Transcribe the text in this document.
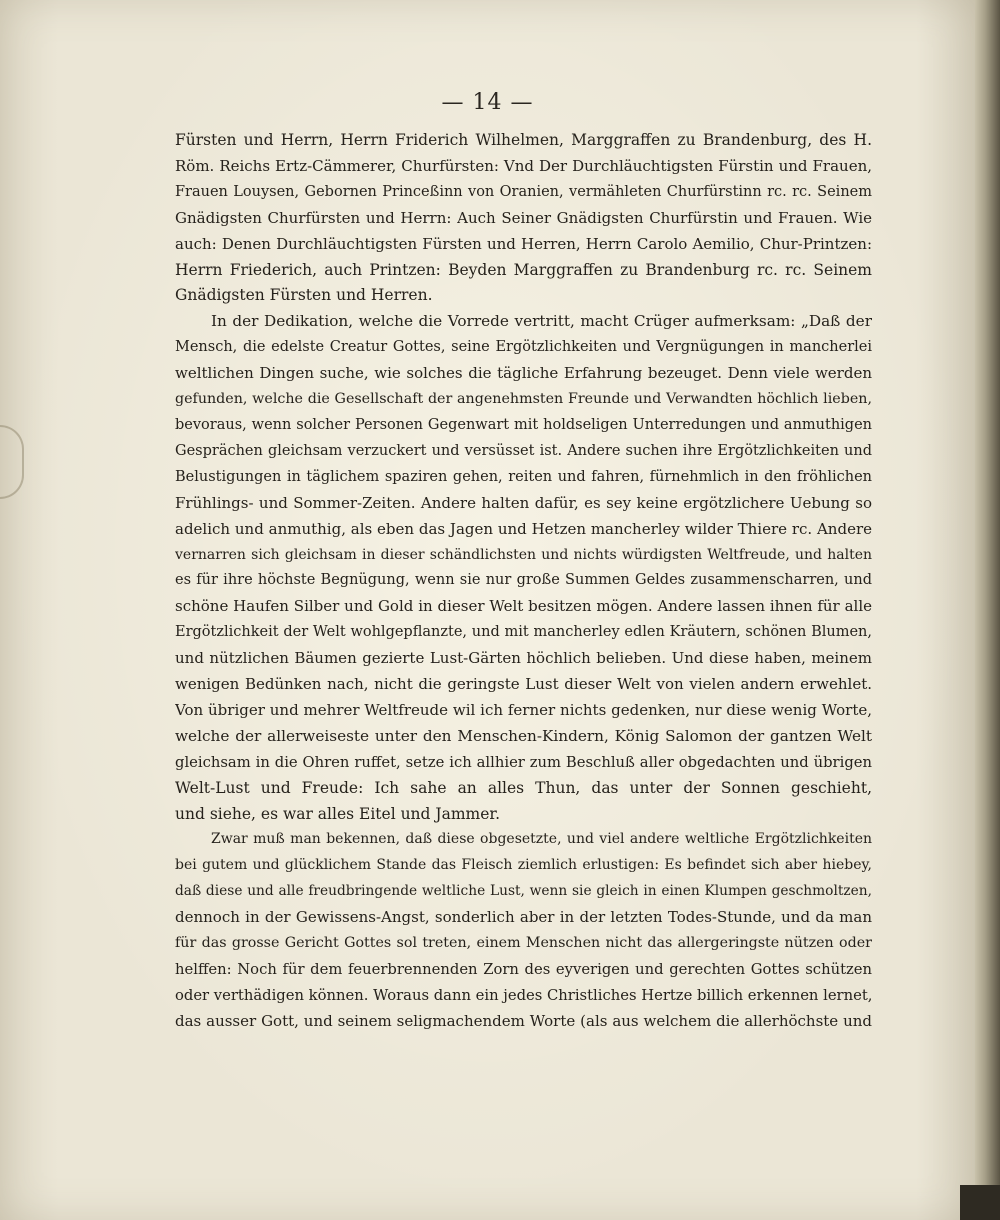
— 14 —
Fürsten und Herrn, Herrn Friderich Wilhelmen, Marggraffen zu Brandenburg, des H.
Röm. Reichs Ertz-Cämmerer, Churfürsten: Vnd Der Durchläuchtigsten Fürstin und Frauen,
Frauen Louysen, Gebornen Princeßinn von Oranien, vermähleten Churfürstinn rc. rc. Seinem
Gnädigsten Churfürsten und Herrn: Auch Seiner Gnädigsten Churfürstin und Frauen. Wie
auch: Denen Durchläuchtigsten Fürsten und Herren, Herrn Carolo Aemilio, Chur-Printzen:
Herrn Friederich, auch Printzen: Beyden Marggraffen zu Brandenburg rc. rc. Seinem
Gnädigsten Fürsten und Herren.
In der Dedikation, welche die Vorrede vertritt, macht Crüger aufmerksam: „Daß der
Mensch, die edelste Creatur Gottes, seine Ergötzlichkeiten und Vergnügungen in mancherlei
weltlichen Dingen suche, wie solches die tägliche Erfahrung bezeuget. Denn viele werden
gefunden, welche die Gesellschaft der angenehmsten Freunde und Verwandten höchlich lieben,
bevoraus, wenn solcher Personen Gegenwart mit holdseligen Unterredungen und anmuthigen
Gesprächen gleichsam verzuckert und versüsset ist. Andere suchen ihre Ergötzlichkeiten und
Belustigungen in täglichem spaziren gehen, reiten und fahren, fürnehmlich in den fröhlichen
Frühlings- und Sommer-Zeiten. Andere halten dafür, es sey keine ergötzlichere Uebung so
adelich und anmuthig, als eben das Jagen und Hetzen mancherley wilder Thiere rc. Andere
vernarren sich gleichsam in dieser schändlichsten und nichts würdigsten Weltfreude, und halten
es für ihre höchste Begnügung, wenn sie nur große Summen Geldes zusammenscharren, und
schöne Haufen Silber und Gold in dieser Welt besitzen mögen. Andere lassen ihnen für alle
Ergötzlichkeit der Welt wohlgepflanzte, und mit mancherley edlen Kräutern, schönen Blumen,
und nützlichen Bäumen gezierte Lust-Gärten höchlich belieben. Und diese haben, meinem
wenigen Bedünken nach, nicht die geringste Lust dieser Welt von vielen andern erwehlet.
Von übriger und mehrer Weltfreude wil ich ferner nichts gedenken, nur diese wenig Worte,
welche der allerweiseste unter den Menschen-Kindern, König Salomon der gantzen Welt
gleichsam in die Ohren ruffet, setze ich allhier zum Beschluß aller obgedachten und übrigen
Welt-Lust und Freude: Ich sahe an alles Thun, das unter der Sonnen geschieht,
und siehe, es war alles Eitel und Jammer.
Zwar muß man bekennen, daß diese obgesetzte, und viel andere weltliche Ergötzlichkeiten
bei gutem und glücklichem Stande das Fleisch ziemlich erlustigen: Es befindet sich aber hiebey,
daß diese und alle freudbringende weltliche Lust, wenn sie gleich in einen Klumpen geschmoltzen,
dennoch in der Gewissens-Angst, sonderlich aber in der letzten Todes-Stunde, und da man
für das grosse Gericht Gottes sol treten, einem Menschen nicht das allergeringste nützen oder
helffen: Noch für dem feuerbrennenden Zorn des eyverigen und gerechten Gottes schützen
oder verthädigen können. Woraus dann ein jedes Christliches Hertze billich erkennen lernet,
das ausser Gott, und seinem seligmachendem Worte (als aus welchem die allerhöchste und
